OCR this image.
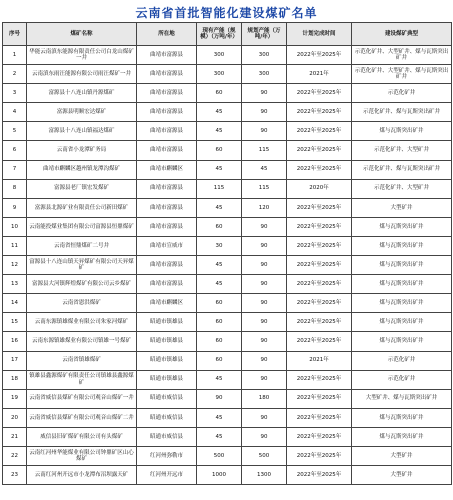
云南省首批智能化建设煤矿名单
序号	煤矿名称	所在地	现有产能（规模）（万吨/年）	规划产能（万吨/年）	计划完成时间	建设煤矿典型
1	华能云南滇东能源有限责任公司白龙山煤矿一井	曲靖市富源县	300	300	2022年至2025年	示范化矿井、大型矿井、煤与瓦斯突出矿井
2	云南滇东雨汪能源有限公司雨汪煤矿一井	曲靖市富源县	300	300	2021年	示范化矿井、大型矿井、煤与瓦斯突出矿井
3	富源县十八连山镇丹源煤矿	曲靖市富源县	60	90	2022年至2025年	示范化矿井
4	富源县明顺宏达煤矿	曲靖市富源县	45	90	2022年至2025年	示范化矿井、煤与瓦斯突出矿井
5	富源县十八连山镇福达煤矿	曲靖市富源县	45	90	2022年至2025年	煤与瓦斯突出矿井
6	云南省小龙潭矿务局	曲靖市富源县	60	115	2022年至2025年	示范化矿井、大型矿井
7	曲靖市麒麟区越州镇龙潭沟煤矿	曲靖市麒麟区	45	45	2022年至2025年	示范化矿井、煤与瓦斯突出矿井
8	富源县老厂镇宏发煤矿	曲靖市富源县	115	115	2020年	示范化矿井、大型矿井
9	富源县北源矿业有限责任公司新田煤矿	曲靖市富源县	45	120	2022年至2025年	大型矿井
10	云南能投煤业集团有限公司富源县恒鼎煤矿	曲靖市富源县	60	90	2022年至2025年	煤与瓦斯突出矿井
11	云南省恒鼎煤矿二号井	曲靖市宣威市	30	90	2022年至2025年	煤与瓦斯突出矿井
12	富源县十八连山镇天昇煤矿有限公司天昇煤矿	曲靖市富源县	45	90	2022年至2025年	煤与瓦斯突出矿井
13	富源县大河镇辉煌煤矿有限公司云乡煤矿	曲靖市富源县	45	90	2022年至2025年	煤与瓦斯突出矿井
14	云南省恩洪煤矿	曲靖市麒麟区	60	90	2022年至2025年	煤与瓦斯突出矿井
15	云南东源镇雄煤业有限公司朱家河煤矿	昭通市镇雄县	60	90	2022年至2025年	煤与瓦斯突出矿井
16	云南东源镇雄煤业有限公司镇雄一号煤矿	昭通市镇雄县	60	90	2022年至2025年	煤与瓦斯突出矿井
17	云南省镇雄煤矿	昭通市镇雄县	60	90	2021年	示范化矿井
18	镇雄县鑫源煤矿有限责任公司镇雄县鑫源煤矿	昭通市镇雄县	45	90	2022年至2025年	示范化矿井
19	云南省威信县煤矿有限公司观音山煤矿一井	昭通市威信县	90	180	2022年至2025年	大型矿井、煤与瓦斯突出矿井
20	云南省威信县煤矿有限公司观音山煤矿二井	昭通市威信县	45	90	2022年至2025年	煤与瓦斯突出矿井
21	威信县旧矿煤矿有限公司有头煤矿	昭通市威信县	45	90	2022年至2025年	煤与瓦斯突出矿井
22	云南红河州华能煤业有限公司钟鼎矿区山心煤矿	红河州弥勒市	500	500	2022年至2025年	大型矿井
23	云南红河州开远市小龙潭布沼坝露天矿	红河州开远市	1000	1300	2022年至2025年	大型矿井
